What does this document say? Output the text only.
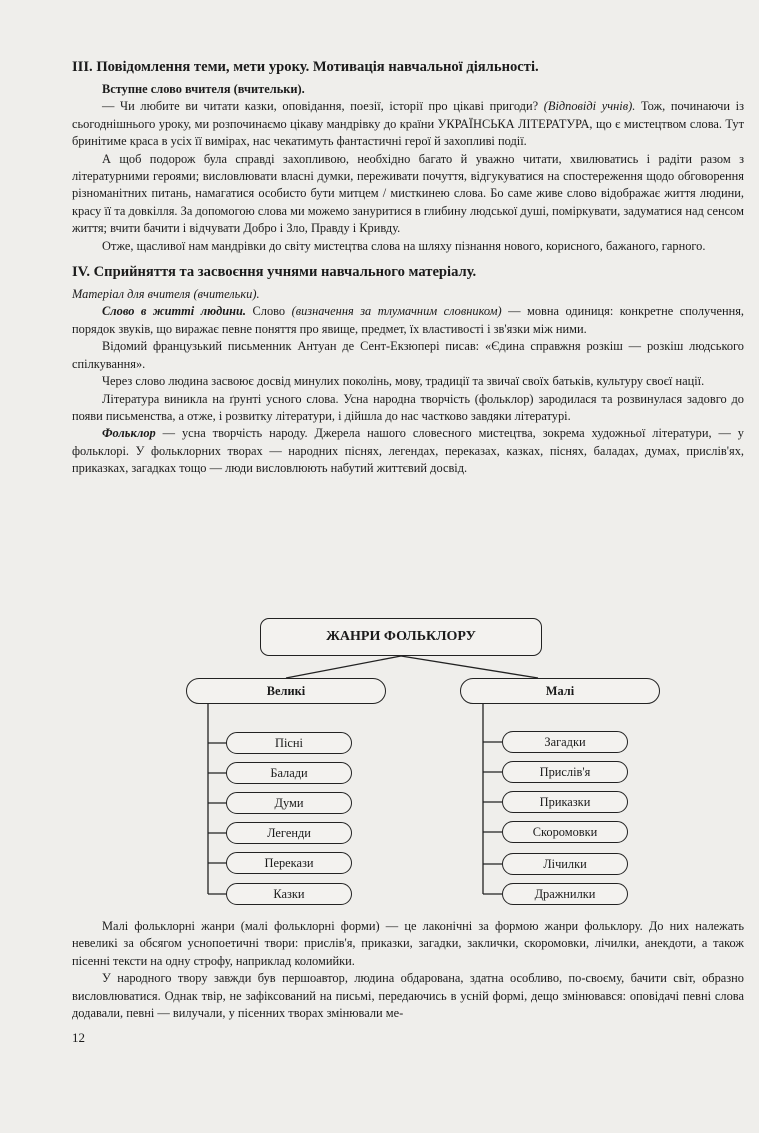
III. Повідомлення теми, мети уроку. Мотивація навчальної діяльності.
Вступне слово вчителя (вчительки).

— Чи любите ви читати казки, оповідання, поезії, історії про цікаві пригоди? (Відповіді учнів). Тож, починаючи із сьогоднішнього уроку, ми розпочинаємо цікаву мандрівку до країни УКРАЇНСЬКА ЛІТЕРАТУРА, що є мистецтвом слова. Тут бринітиме краса в усіх її вимірах, нас чекатимуть фантастичні герої й захопливі події.

А щоб подорож була справді захопливою, необхідно багато й уважно читати, хвилюватись і радіти разом з літературними героями; висловлювати власні думки, переживати почуття, відгукуватися на спостереження щодо обговорення різноманітних питань, намагатися особисто бути митцем / мисткинею слова. Бо саме живе слово відображає життя людини, красу її та довкілля. За допомогою слова ми можемо зануритися в глибину людської душі, поміркувати, задуматися над сенсом життя; вчити бачити і відчувати Добро і Зло, Правду і Кривду.

Отже, щасливої нам мандрівки до світу мистецтва слова на шляху пізнання нового, корисного, бажаного, гарного.

IV. Сприйняття та засвоєння учнями навчального матеріалу.
Матеріал для вчителя (вчительки).

Слово в житті людини. Слово (визначення за тлумачним словником) — мовна одиниця: конкретне сполучення, порядок звуків, що виражає певне поняття про явище, предмет, їх властивості і зв'язки між ними.

Відомий французький письменник Антуан де Сент-Екзюпері писав: «Єдина справжня розкіш — розкіш людського спілкування».

Через слово людина засвоює досвід минулих поколінь, мову, традиції та звичаї своїх батьків, культуру своєї нації.

Література виникла на ґрунті усного слова. Усна народна творчість (фольклор) зародилася та розвинулася задовго до появи письменства, а отже, і розвитку літератури, і дійшла до нас частково завдяки літературі.

Фольклор — усна творчість народу. Джерела нашого словесного мистецтва, зокрема художньої літератури, — у фольклорі. У фольклорних творах — народних піснях, легендах, переказах, казках, піснях, баладах, думах, прислів'ях, приказках, загадках тощо — люди висловлюють набутий життєвий досвід.

ЖАНРИ ФОЛЬКЛОРУ
Великі	Малі
Пісні
Балади
Думи
Легенди
Перекази
Казки
Загадки
Прислів'я
Приказки
Скоромовки
Лічилки
Дражнилки

Малі фольклорні жанри (малі фольклорні форми) — це лаконічні за формою жанри фольклору. До них належать невеликі за обсягом уснопоетичні твори: прислів'я, приказки, загадки, заклички, скоромовки, лічилки, анекдоти, а також пісенні тексти на одну строфу, наприклад коломийки.

У народного твору завжди був першоавтор, людина обдарована, здатна особливо, по-своєму, бачити світ, образно висловлюватися. Однак твір, не зафіксований на письмі, передаючись в усній формі, дещо змінювався: оповідачі певні слова додавали, певні — вилучали, у пісенних творах змінювали ме-

12
